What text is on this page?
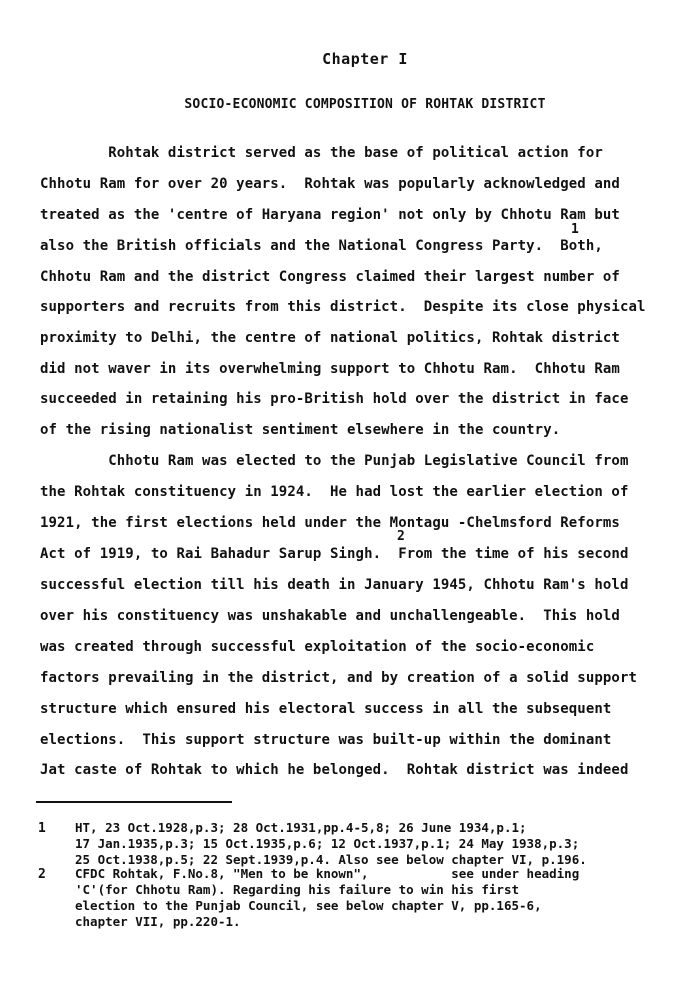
Chapter I
SOCIO-ECONOMIC COMPOSITION OF ROHTAK DISTRICT
Rohtak district served as the base of political action for
Chhotu Ram for over 20 years.  Rohtak was popularly acknowledged and
treated as the 'centre of Haryana region' not only by Chhotu Ram but
1
also the British officials and the National Congress Party.  Both,
Chhotu Ram and the district Congress claimed their largest number of
supporters and recruits from this district.  Despite its close physical
proximity to Delhi, the centre of national politics, Rohtak district
did not waver in its overwhelming support to Chhotu Ram.  Chhotu Ram
succeeded in retaining his pro-British hold over the district in face
of the rising nationalist sentiment elsewhere in the country.
Chhotu Ram was elected to the Punjab Legislative Council from
the Rohtak constituency in 1924.  He had lost the earlier election of
1921, the first elections held under the Montagu -Chelmsford Reforms
2
Act of 1919, to Rai Bahadur Sarup Singh.  From the time of his second
successful election till his death in January 1945, Chhotu Ram's hold
over his constituency was unshakable and unchallengeable.  This hold
was created through successful exploitation of the socio-economic
factors prevailing in the district, and by creation of a solid support
structure which ensured his electoral success in all the subsequent
elections.  This support structure was built-up within the dominant
Jat caste of Rohtak to which he belonged.  Rohtak district was indeed
1 HT, 23 Oct.1928,p.3; 28 Oct.1931,pp.4-5,8; 26 June 1934,p.1;
17 Jan.1935,p.3; 15 Oct.1935,p.6; 12 Oct.1937,p.1; 24 May 1938,p.3;
25 Oct.1938,p.5; 22 Sept.1939,p.4. Also see below chapter VI, p.196.
2 CFDC Rohtak, F.No.8, "Men to be known",           see under heading
'C'(for Chhotu Ram). Regarding his failure to win his first
election to the Punjab Council, see below chapter V, pp.165-6,
chapter VII, pp.220-1.
